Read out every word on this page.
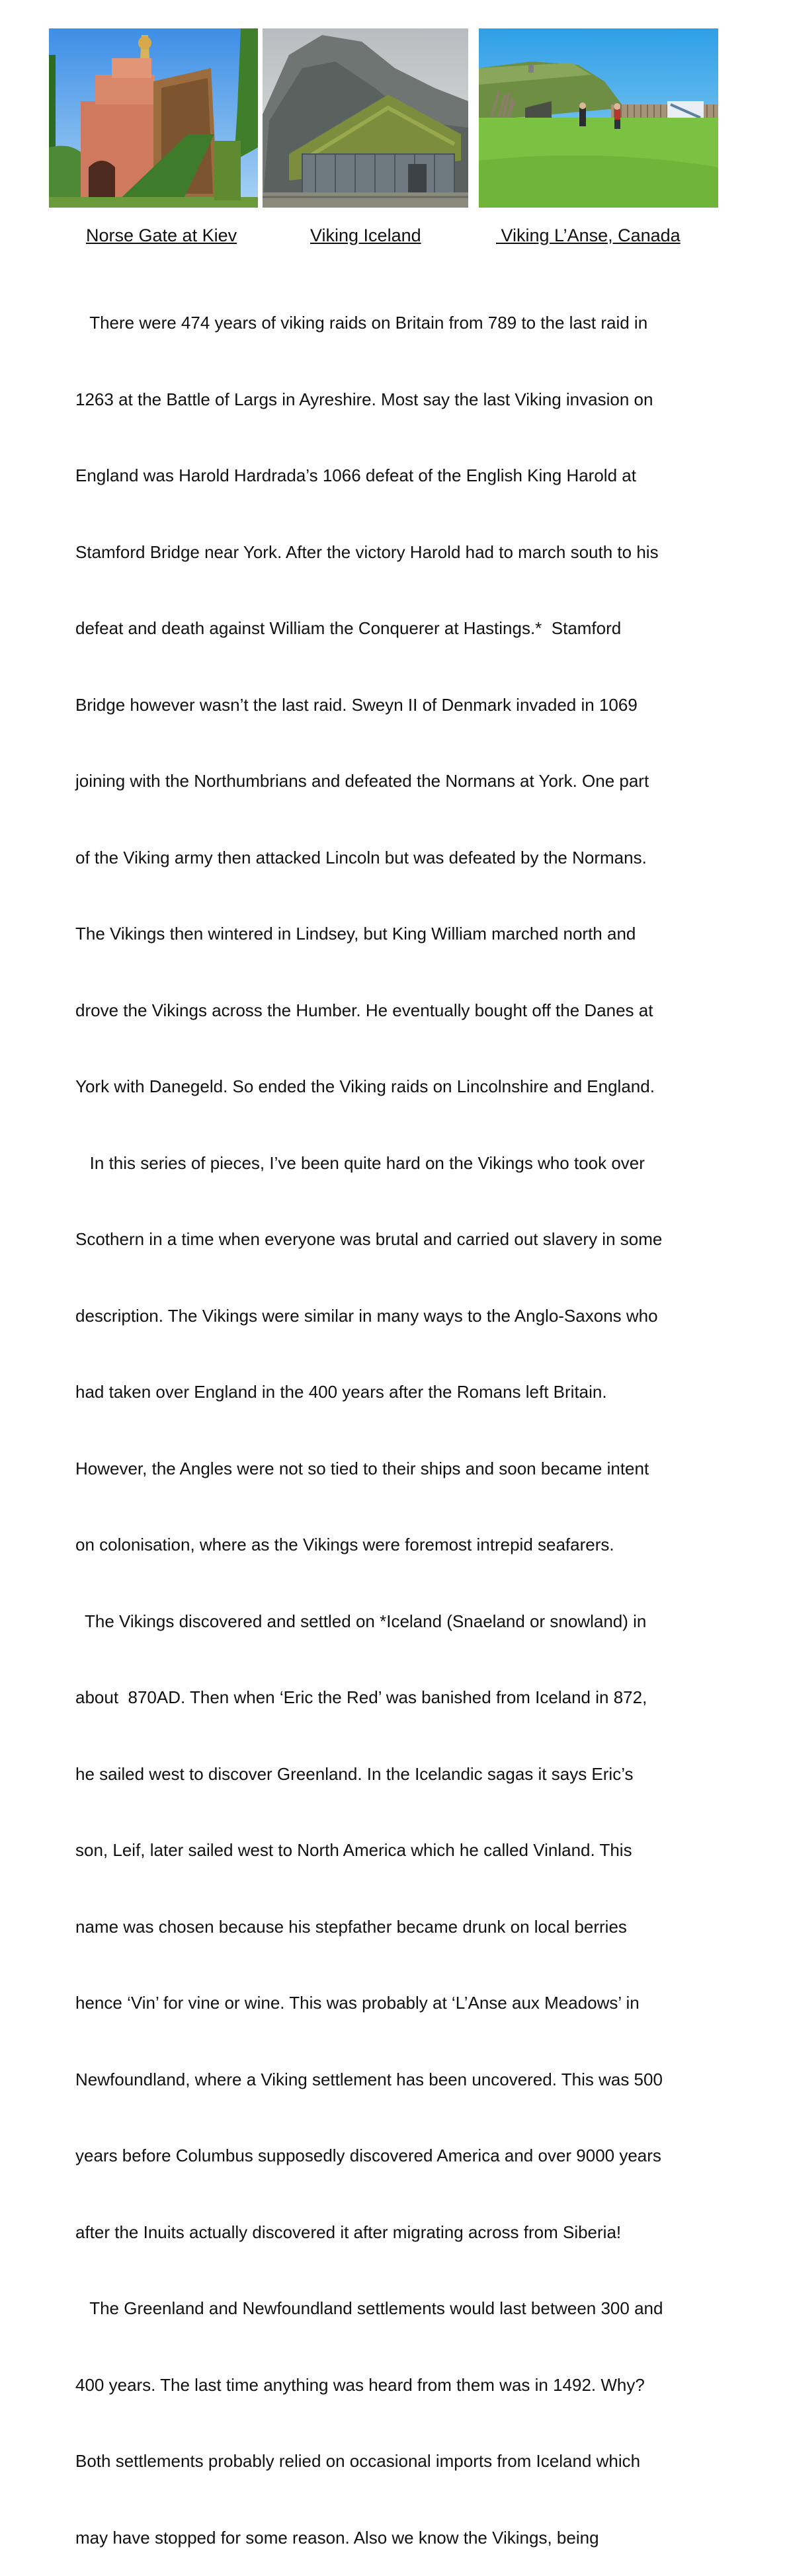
Norse Gate at Kiev	Viking Iceland	Viking L’Anse, Canada

There were 474 years of viking raids on Britain from 789 to the last raid in

1263 at the Battle of Largs in Ayreshire. Most say the last Viking invasion on

England was Harold Hardrada’s 1066 defeat of the English King Harold at

Stamford Bridge near York. After the victory Harold had to march south to his

defeat and death against William the Conquerer at Hastings.*  Stamford

Bridge however wasn’t the last raid. Sweyn II of Denmark invaded in 1069

joining with the Northumbrians and defeated the Normans at York. One part

of the Viking army then attacked Lincoln but was defeated by the Normans.

The Vikings then wintered in Lindsey, but King William marched north and

drove the Vikings across the Humber. He eventually bought off the Danes at

York with Danegeld. So ended the Viking raids on Lincolnshire and England.

In this series of pieces, I’ve been quite hard on the Vikings who took over

Scothern in a time when everyone was brutal and carried out slavery in some

description. The Vikings were similar in many ways to the Anglo-Saxons who

had taken over England in the 400 years after the Romans left Britain.

However, the Angles were not so tied to their ships and soon became intent

on colonisation, where as the Vikings were foremost intrepid seafarers.

The Vikings discovered and settled on *Iceland (Snaeland or snowland) in

about  870AD. Then when ‘Eric the Red’ was banished from Iceland in 872,

he sailed west to discover Greenland. In the Icelandic sagas it says Eric’s

son, Leif, later sailed west to North America which he called Vinland. This

name was chosen because his stepfather became drunk on local berries

hence ‘Vin’ for vine or wine. This was probably at ‘L’Anse aux Meadows’ in

Newfoundland, where a Viking settlement has been uncovered. This was 500

years before Columbus supposedly discovered America and over 9000 years

after the Inuits actually discovered it after migrating across from Siberia!

The Greenland and Newfoundland settlements would last between 300 and

400 years. The last time anything was heard from them was in 1492. Why?

Both settlements probably relied on occasional imports from Iceland which

may have stopped for some reason. Also we know the Vikings, being
